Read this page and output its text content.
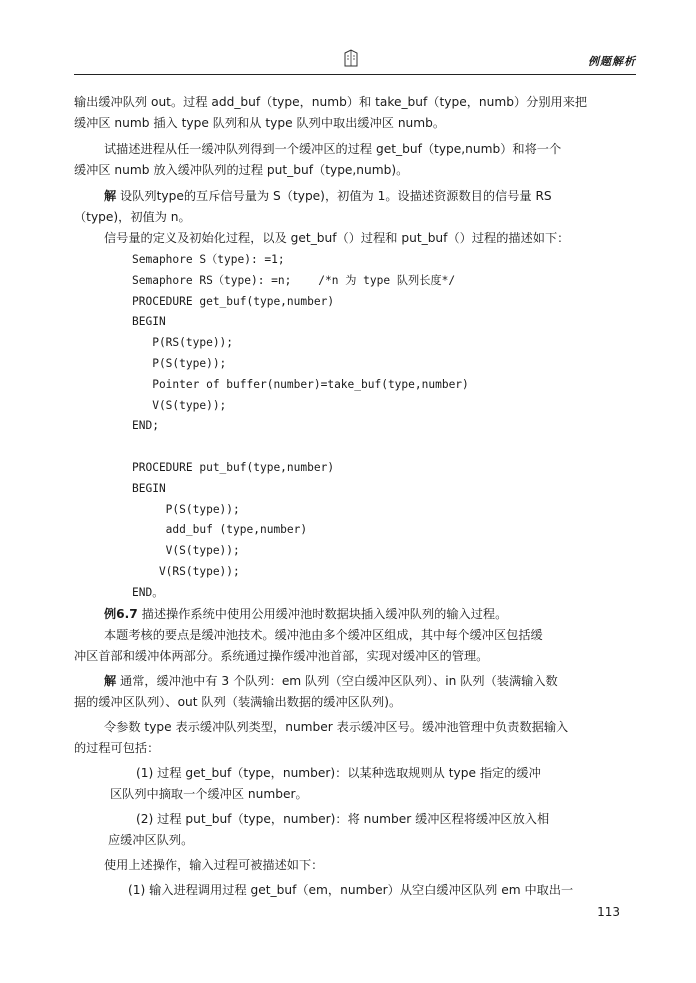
例题解析

输出缓冲队列 out。过程 add_buf（type，numb）和 take_buf（type，numb）分别用来把

缓冲区 numb 插入 type 队列和从 type 队列中取出缓冲区 numb。

试描述进程从任一缓冲队列得到一个缓冲区的过程 get_buf（type,numb）和将一个

缓冲区 numb 放入缓冲队列的过程 put_buf（type,numb)。

解 设队列type的互斥信号量为 S（type)，初值为 1。设描述资源数目的信号量 RS

（type)，初值为 n。

信号量的定义及初始化过程，以及 get_buf（）过程和 put_buf（）过程的描述如下：

Semaphore S（type): =1;

Semaphore RS（type): =n;    /*n 为 type 队列长度*/

PROCEDURE get_buf(type,number)

BEGIN

P(RS(type));

P(S(type));

Pointer of buffer(number)=take_buf(type,number)

V(S(type));

END;

PROCEDURE put_buf(type,number)

BEGIN

P(S(type));

add_buf (type,number)

V(S(type));

V(RS(type));

END。

例6.7 描述操作系统中使用公用缓冲池时数据块插入缓冲队列的输入过程。

本题考核的要点是缓冲池技术。缓冲池由多个缓冲区组成，其中每个缓冲区包括缓

冲区首部和缓冲体两部分。系统通过操作缓冲池首部，实现对缓冲区的管理。

解 通常，缓冲池中有 3 个队列：em 队列（空白缓冲区队列）、in 队列（装满输入数

据的缓冲区队列）、out 队列（装满输出数据的缓冲区队列)。

令参数 type 表示缓冲队列类型，number 表示缓冲区号。缓冲池管理中负责数据输入

的过程可包括：

(1) 过程 get_buf（type，number)：以某种选取规则从 type 指定的缓冲

区队列中摘取一个缓冲区 number。

(2) 过程 put_buf（type，number)：将 number 缓冲区程将缓冲区放入相

应缓冲区队列。

使用上述操作，输入过程可被描述如下：

(1) 输入进程调用过程 get_buf（em，number）从空白缓冲区队列 em 中取出一

113
